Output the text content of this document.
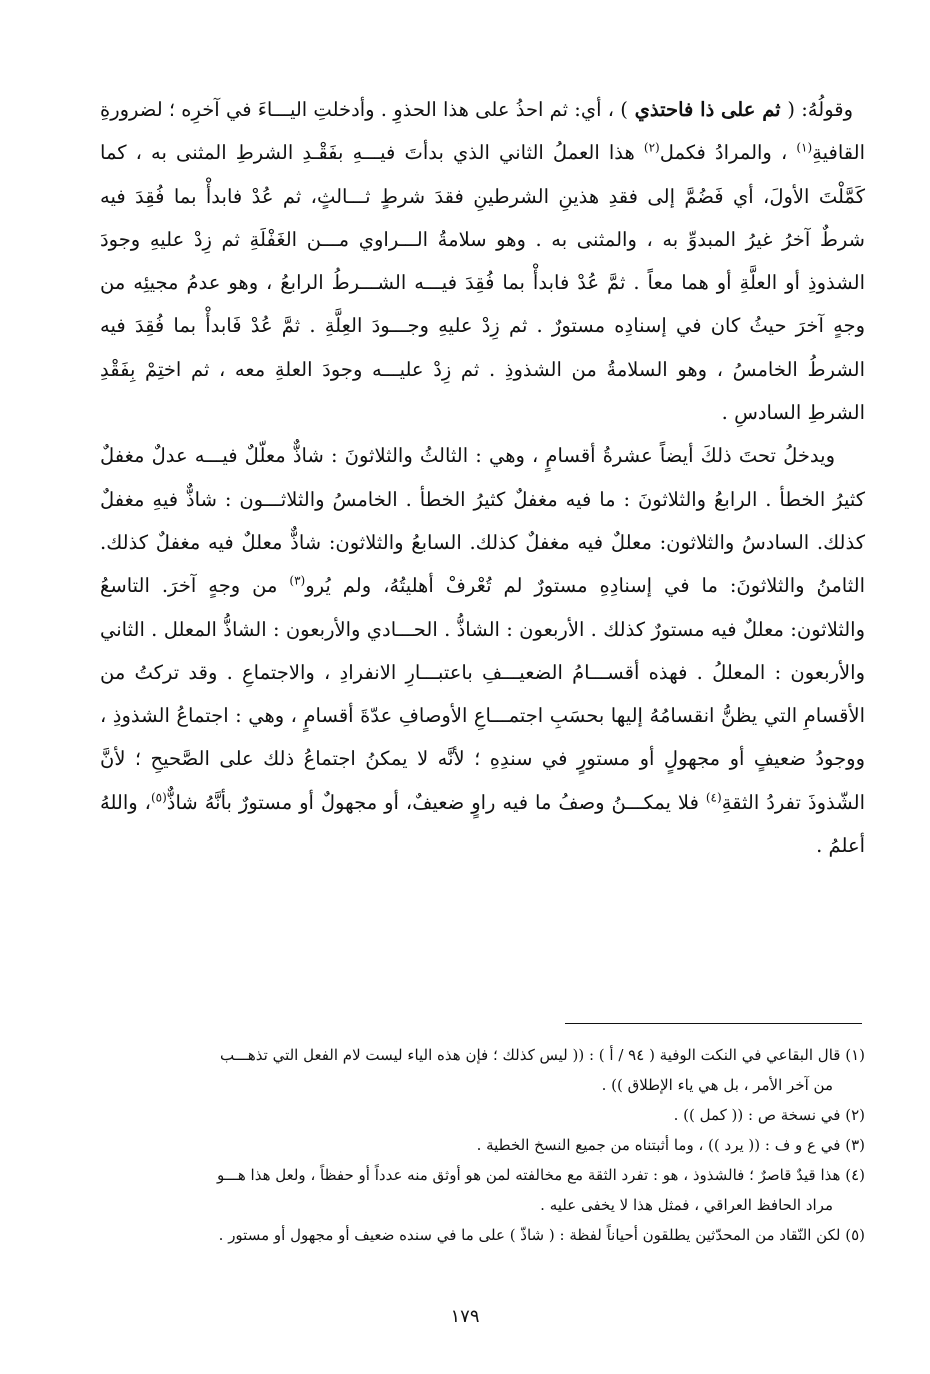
وقولُهُ: ( ثم على ذا فاحتذي ) ، أي: ثم احذُ على هذا الحذوِ . وأدخلتِ اليـــاءَ في آخرِه ؛ لضرورةِ القافيةِ$^{(١)}$ ، والمرادُ فكمل$^{(٢)}$ هذا العملُ الثاني الذي بدأتَ فيـــهِ بفَقْـدِ الشرطِ المثنى به ، كما كَمَّلْتَ الأولَ، أي فَضُمَّ إلى فقدِ هذينِ الشرطينِ فقدَ شرطٍ ثـــالثٍ، ثم عُدْ فابدأْ بما فُقِدَ فيه شرطٌ آخرُ غيرُ المبدوِّ به ، والمثنى به . وهو سلامةُ الـــراوي مـــن الغَفْلَةِ ثم زِدْ عليهِ وجودَ الشذوذِ أو العلَّةِ أو هما معاً . ثمَّ عُدْ فابدأْ بما فُقِدَ فيـــه الشـــرطُ الرابعُ ، وهو عدمُ مجيئِه من وجهٍ آخرَ حيثُ كان في إسنادِه مستورٌ . ثم زِدْ عليهِ وجـــودَ العِلَّةِ . ثمَّ عُدْ فَابدأْ بما فُقِدَ فيه الشرطُ الخامسُ ، وهو السلامةُ من الشذوذِ . ثم زِدْ عليـــه وجودَ العلةِ معه ، ثم اختِمْ بِفَقْدِ الشرطِ السادسِ .

ويدخلُ تحتَ ذلكَ أيضاً عشرةُ أقسامٍ ، وهي : الثالثُ والثلاثونَ : شاذٌّ معلّلٌ فيـــه عدلٌ مغفلٌ كثيرُ الخطأ . الرابعُ والثلاثونَ : ما فيه مغفلٌ كثيرُ الخطأ . الخامسُ والثلاثـــون : شاذٌّ فيهِ مغفلٌ كذلك. السادسُ والثلاثون: معللٌ فيه مغفلٌ كذلك. السابعُ والثلاثون: شاذٌّ معللٌ فيه مغفلٌ كذلك. الثامنُ والثلاثونَ: ما في إسنادِهِ مستورٌ لم تُعْرفْ أهليتُهُ، ولم يُرو$^{(٣)}$ من وجهٍ آخرَ. التاسعُ والثلاثون: معللٌ فيه مستورٌ كذلك . الأربعون : الشاذُّ . الحـــادي والأربعون : الشاذُّ المعلل . الثاني والأربعون : المعللُ . فهذه أقســـامُ الضعيـــفِ باعتبـــارِ الانفرادِ ، والاجتماعِ . وقد تركتُ من الأقسامِ التي يظنُّ انقسامُهُ إليها بحسَبِ اجتمـــاعِ الأوصافِ عدّةَ أقسامٍ ، وهي : اجتماعُ الشذوذِ ، ووجودُ ضعيفٍ أو مجهولٍ أو مستورٍ في سندِهِ ؛ لأنَّه لا يمكنُ اجتماعُ ذلك على الصَّحيحِ ؛ لأنَّ الشّذوذَ تفردُ الثقةِ$^{(٤)}$ فلا يمكـــنُ وصفُ ما فيه راوٍ ضعيفٌ، أو مجهولٌ أو مستورٌ بأنَّهُ شاذٌّ$^{(٥)}$، واللهُ أعلمُ .

(١) قال البقاعي في النكت الوفية ( ٩٤ / أ ) : (( ليس كذلك ؛ فإن هذه الياء ليست لام الفعل التي تذهـــب
من آخر الأمر ، بل هي ياء الإطلاق )) .
(٢) في نسخة ص : (( كمل )) .
(٣) في ع و ف : (( يرد )) ، وما أثبتناه من جميع النسخ الخطية .
(٤) هذا قيدٌ قاصرٌ ؛ فالشذوذ ، هو : تفرد الثقة مع مخالفته لمن هو أوثق منه عدداً أو حفظاً ، ولعل هذا هـــو
مراد الحافظ العراقي ، فمثل هذا لا يخفى عليه .
(٥) لكن النّقاد من المحدّثين يطلقون أحياناً لفظة : ( شاذّ ) على ما في سنده ضعيف أو مجهول أو مستور .
١٧٩
